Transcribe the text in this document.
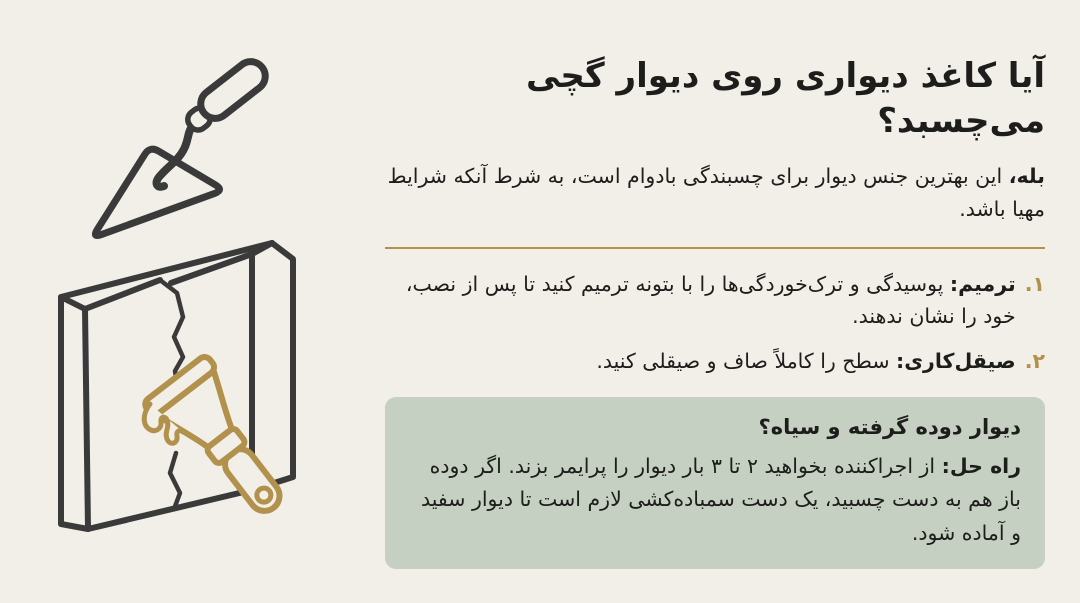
آیا کاغذ دیواری روی دیوار گچی می‌چسبد؟

بله، این بهترین جنس دیوار برای چسبندگی بادوام است، به شرط آنکه شرایط مهیا باشد.

۱.
ترمیم: پوسیدگی و ترک‌خوردگی‌ها را با بتونه ترمیم کنید تا پس از نصب، خود را نشان ندهند.
۲.
صیقل‌کاری: سطح را کاملاً صاف و صیقلی کنید.
دیوار دوده گرفته و سیاه؟

راه حل: از اجراکننده بخواهید ۲ تا ۳ بار دیوار را پرایمر بزند. اگر دوده باز هم به دست چسبید، یک دست سمباده‌کشی لازم است تا دیوار سفید و آماده شود.
